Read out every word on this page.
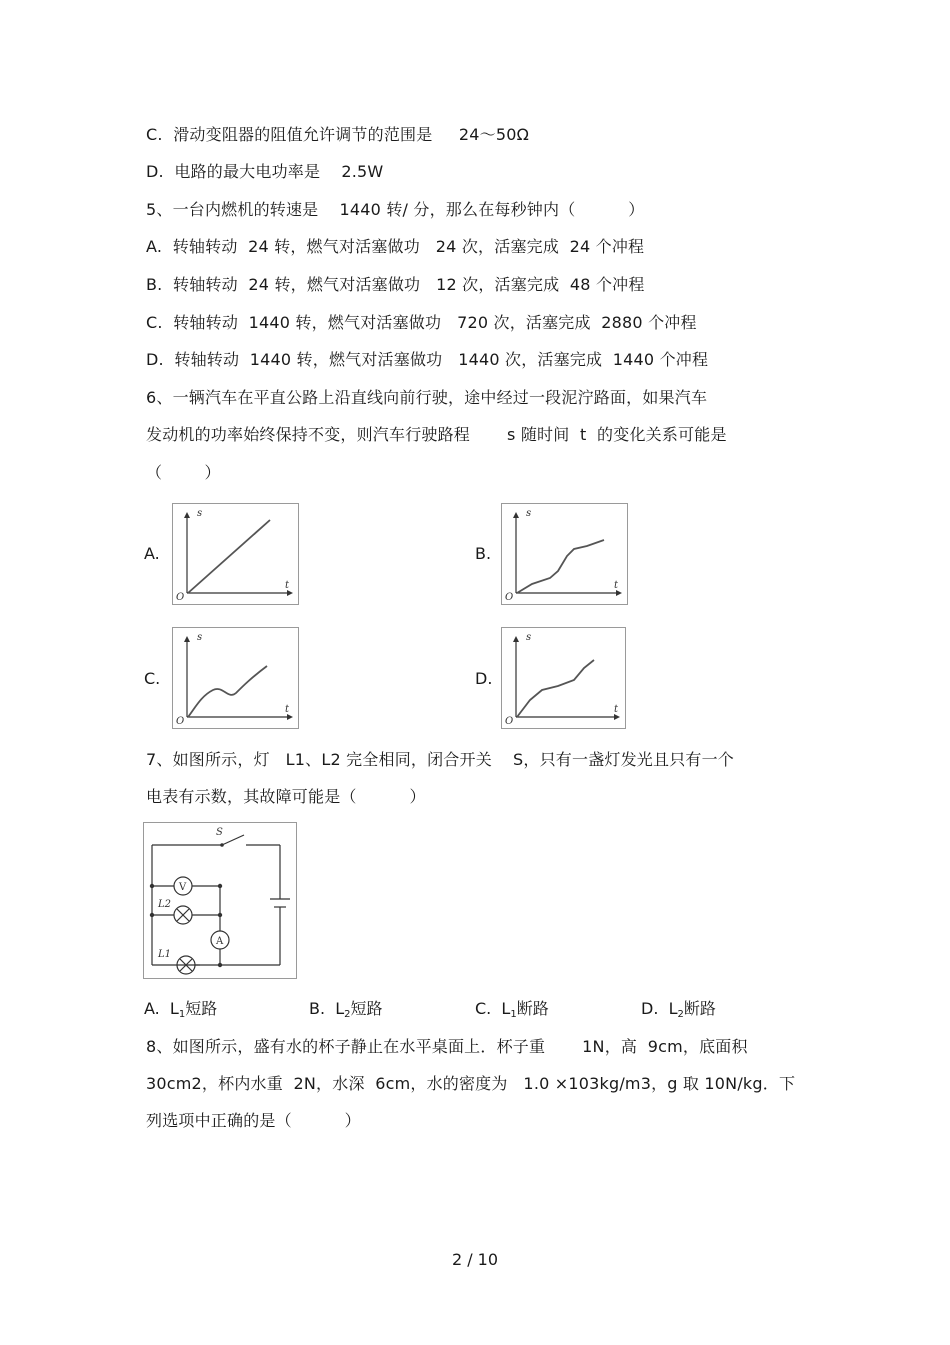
C.  滑动变阻器的阻值允许调节的范围是     24～50Ω
D.  电路的最大电功率是    2.5W
5、一台内燃机的转速是    1440 转/ 分，那么在每秒钟内（          ）
A.  转轴转动  24 转，燃气对活塞做功   24 次，活塞完成  24 个冲程
B.  转轴转动  24 转，燃气对活塞做功   12 次，活塞完成  48 个冲程
C.  转轴转动  1440 转，燃气对活塞做功   720 次，活塞完成  2880 个冲程
D.  转轴转动  1440 转，燃气对活塞做功   1440 次，活塞完成  1440 个冲程
6、一辆汽车在平直公路上沿直线向前行驶，途中经过一段泥泞路面，如果汽车
发动机的功率始终保持不变，则汽车行驶路程       s 随时间  t  的变化关系可能是
（        ）
A.
s
t
O
B.
s
t
O
C.
s
t
O
D.
s
t
O
7、如图所示，灯   L1、L2 完全相同，闭合开关    S，只有一盏灯发光且只有一个
电表有示数，其故障可能是（          ）
S
V
A
L2
L1
A.  $L_1$短路	B.  $L_2$短路	C.  $L_1$断路	D.  $L_2$断路
8、如图所示，盛有水的杯子静止在水平桌面上．杯子重       1N，高  9cm，底面积
30cm2，杯内水重  2N，水深  6cm，水的密度为   1.0 ×103kg/m3，g 取 10N/kg．下
列选项中正确的是（          ）
2 / 10
